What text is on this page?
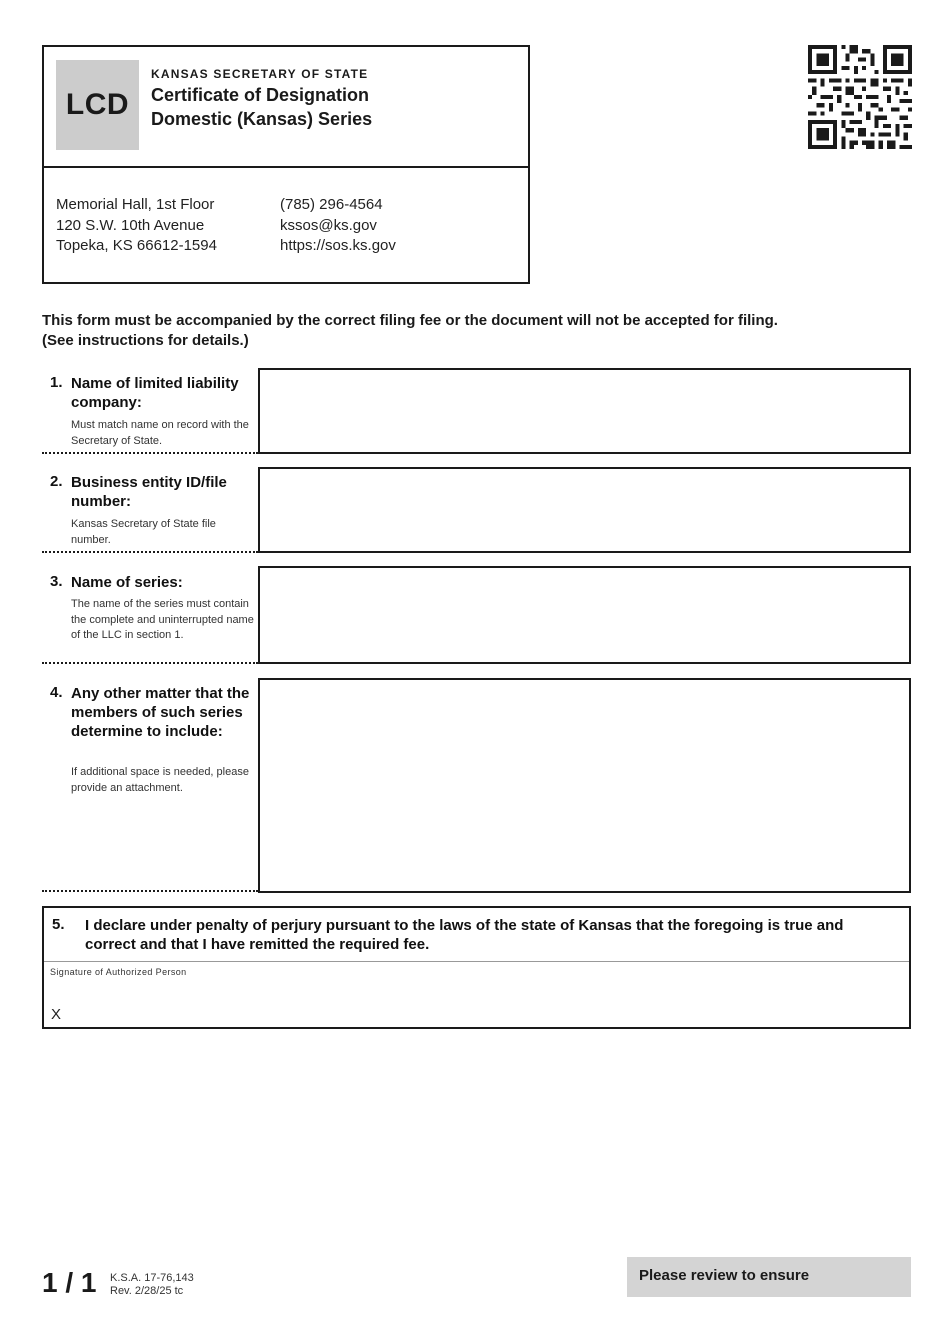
LCD
KANSAS SECRETARY OF STATE
Certificate of Designation
Domestic (Kansas) Series
Memorial Hall, 1st Floor
120 S.W. 10th Avenue
Topeka, KS 66612-1594
(785) 296-4564
kssos@ks.gov
https://sos.ks.gov
This form must be accompanied by the correct filing fee or the document will not be accepted for filing.
(See instructions for details.)
1. Name of limited liability company:
Must match name on record with the Secretary of State.
2. Business entity ID/file number:
Kansas Secretary of State file number.
3. Name of series:
The name of the series must contain the complete and uninterrupted name of the LLC in section 1.
4. Any other matter that the members of such series determine to include:
If additional space is needed, please provide an attachment.
5. I declare under penalty of perjury pursuant to the laws of the state of Kansas that the foregoing is true and correct and that I have remitted the required fee.
Signature of Authorized Person
X
1 / 1 K.S.A. 17-76,143
Rev. 2/28/25 tc
Please review to ensure
